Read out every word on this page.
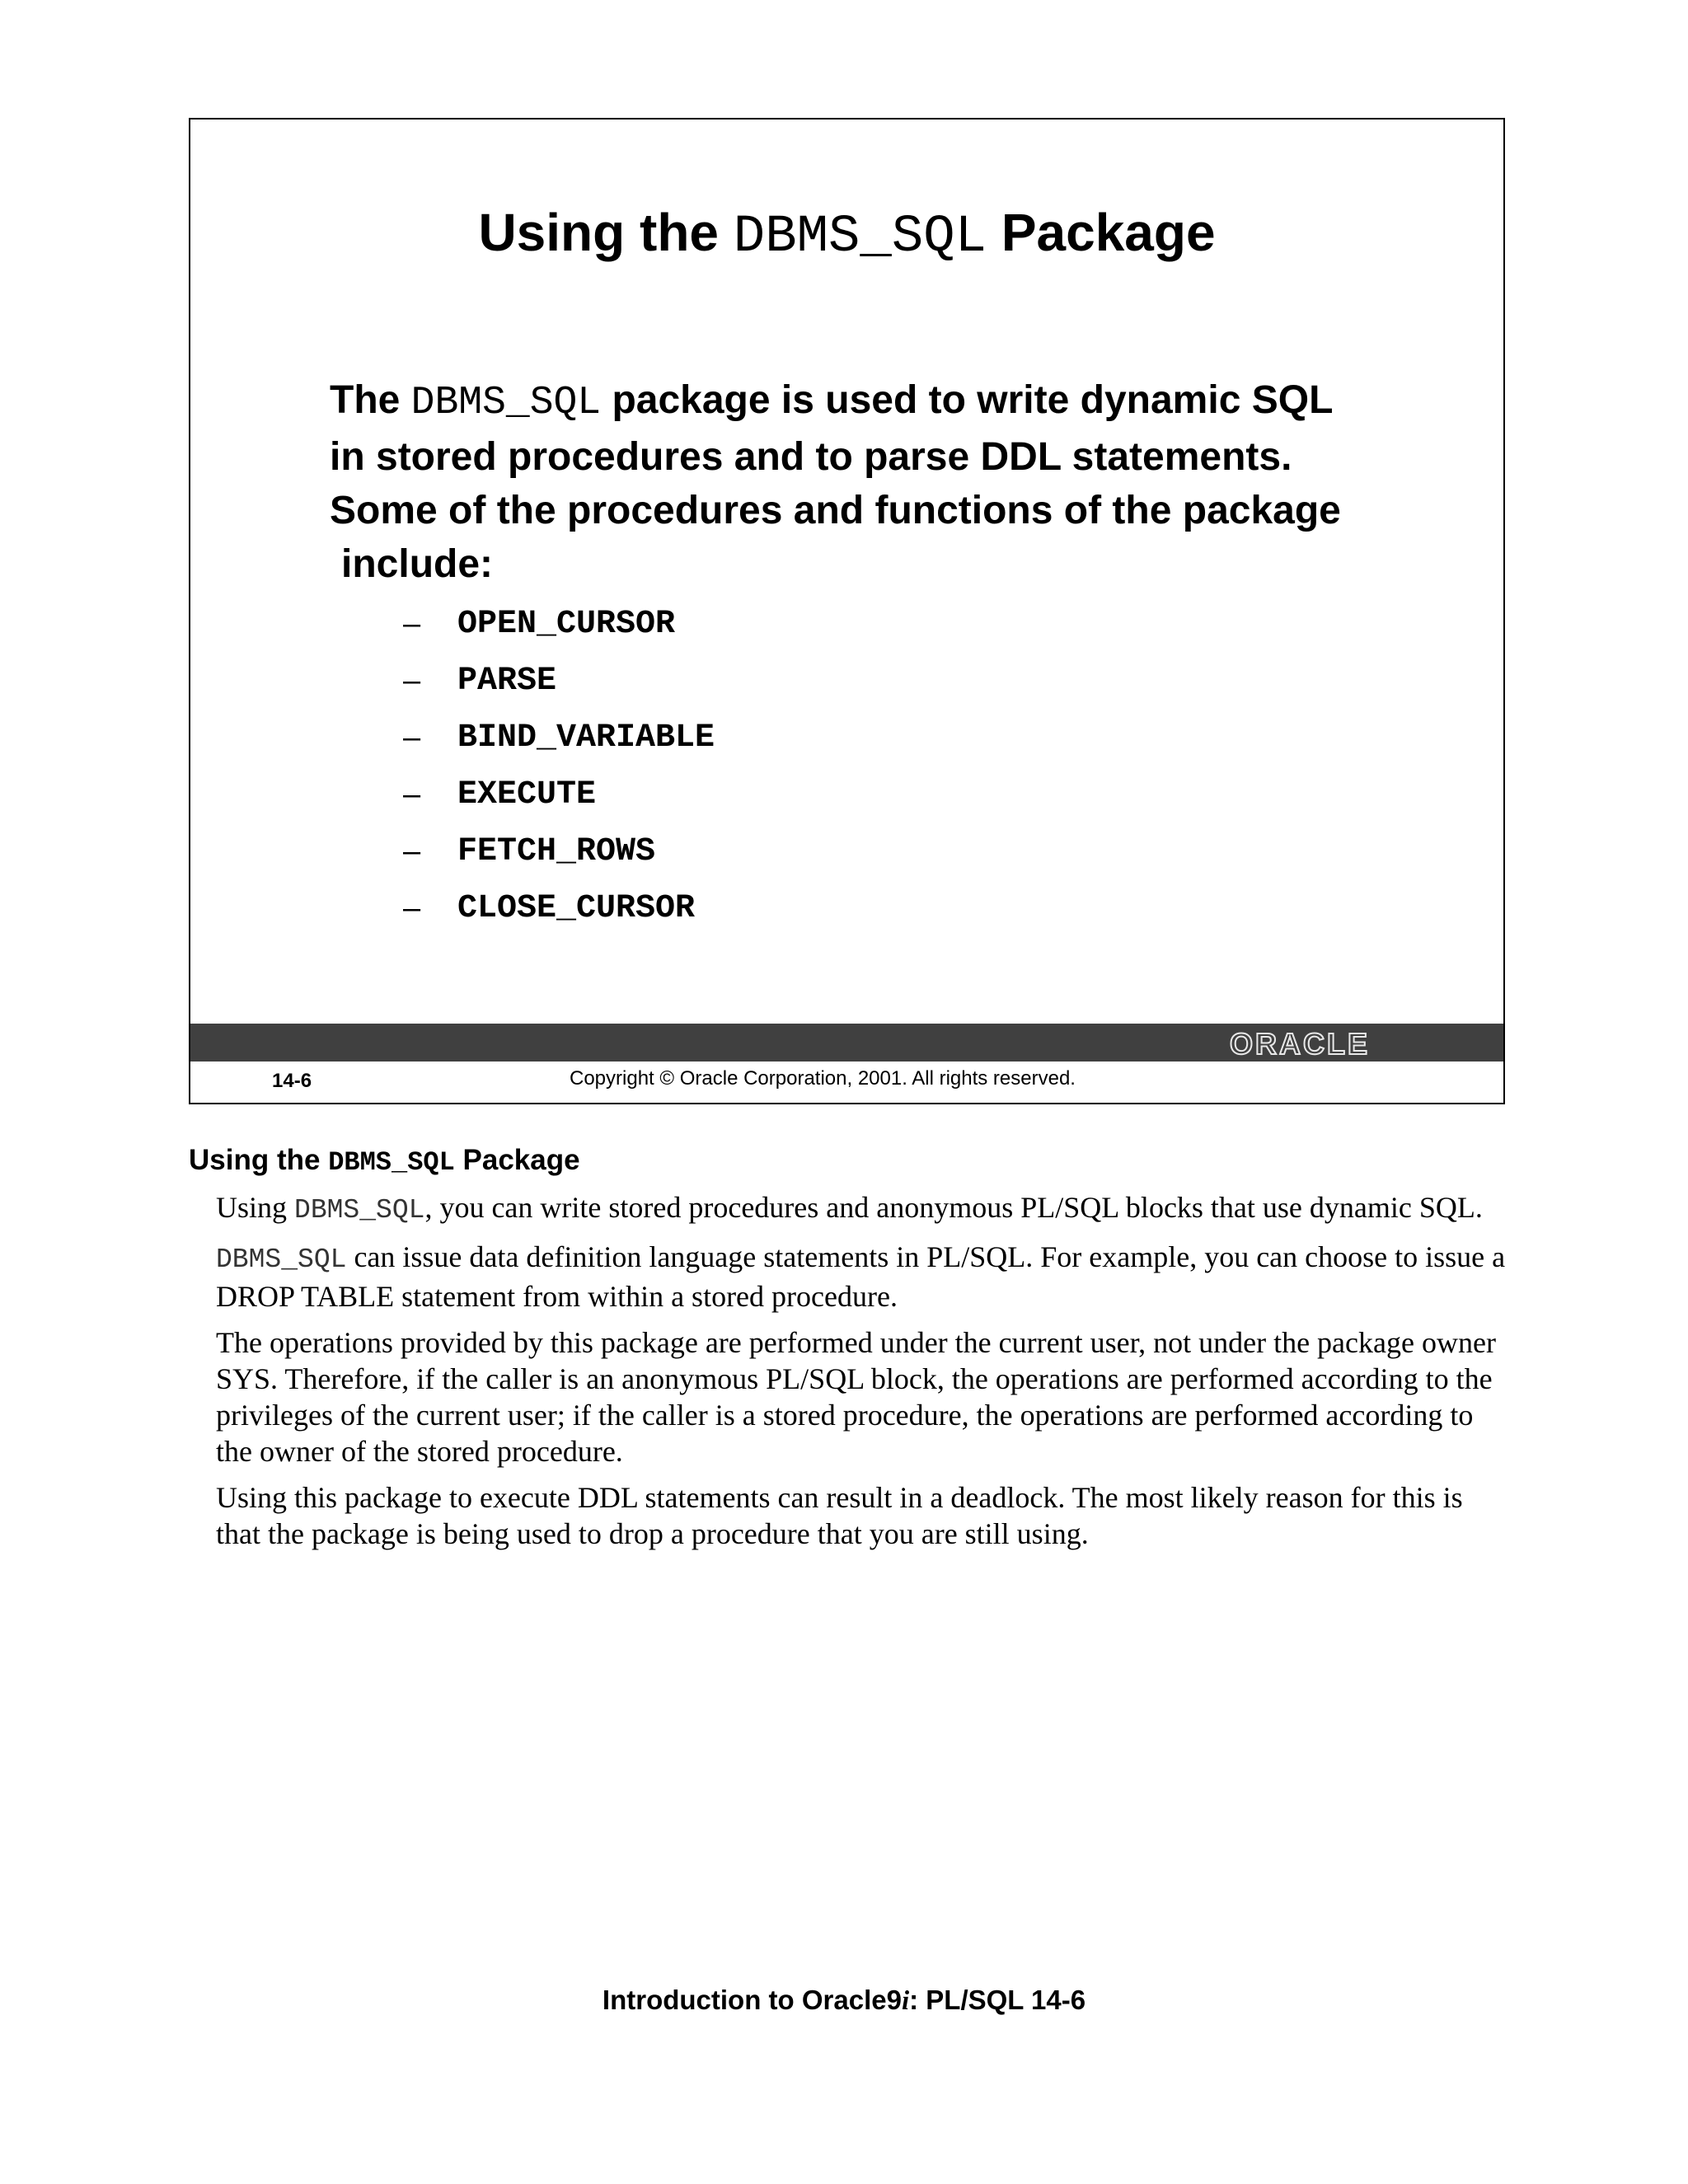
Using the DBMS_SQL Package
The DBMS_SQL package is used to write dynamic SQL
in stored procedures and to parse DDL statements.
Some of the procedures and functions of the package
include:
–	OPEN_CURSOR
–	PARSE
–	BIND_VARIABLE
–	EXECUTE
–	FETCH_ROWS
–	CLOSE_CURSOR
ORACLE
14-6	Copyright © Oracle Corporation, 2001. All rights reserved.
Using the DBMS_SQL Package

Using DBMS_SQL, you can write stored procedures and anonymous PL/SQL blocks that use dynamic SQL.

DBMS_SQL can issue data definition language statements in PL/SQL. For example, you can choose to issue a DROP TABLE statement from within a stored procedure.

The operations provided by this package are performed under the current user, not under the package owner SYS. Therefore, if the caller is an anonymous PL/SQL block, the operations are performed according to the privileges of the current user; if the caller is a stored procedure, the operations are performed according to the owner of the stored procedure.

Using this package to execute DDL statements can result in a deadlock. The most likely reason for this is that the package is being used to drop a procedure that you are still using.

Introduction to Oracle9i: PL/SQL 14-6
